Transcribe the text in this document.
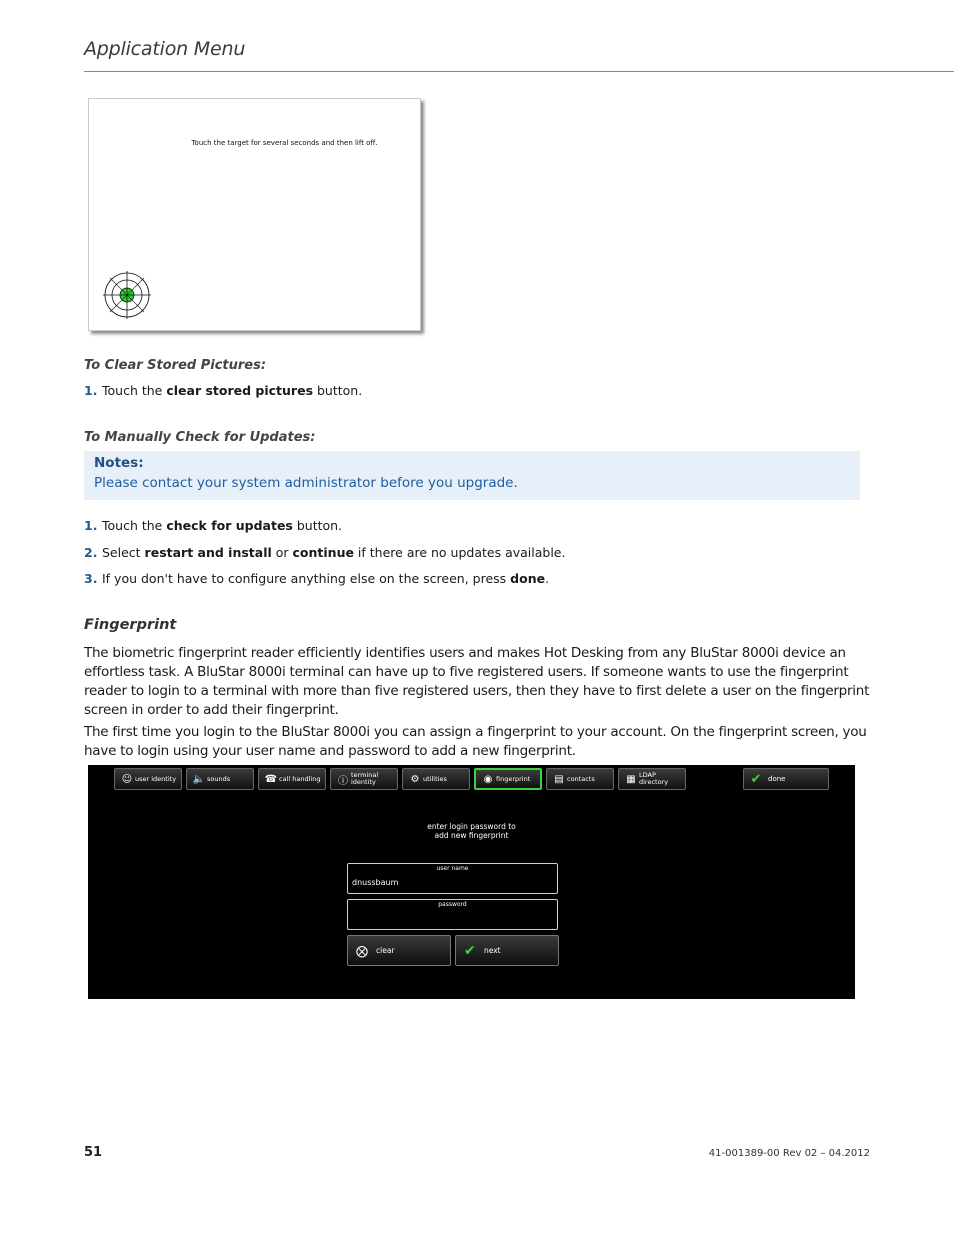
Application Menu
Touch the target for several seconds and then lift off.
To Clear Stored Pictures:
1. Touch the clear stored pictures button.
To Manually Check for Updates:
Notes:
Please contact your system administrator before you upgrade.
1. Touch the check for updates button.
2. Select restart and install or continue if there are no updates available.
3. If you don't have to configure anything else on the screen, press done.
Fingerprint
The biometric fingerprint reader efficiently identifies users and makes Hot Desking from any BluStar 8000i device an effortless task. A BluStar 8000i terminal can have up to five registered users. If someone wants to use the fingerprint reader to login to a terminal with more than five registered users, then they have to first delete a user on the fingerprint screen in order to add their fingerprint.
The first time you login to the BluStar 8000i you can assign a fingerprint to your account. On the fingerprint screen, you have to login using your user name and password to add a new fingerprint.
☺ user identity 🔈 sounds	☎ call handling	ⓘ
terminal
identity	⚙ utilities	◉ fingerprint	▤ contacts	▦ LDAP
directory	✔ done
enter login password to
add new fingerprint
user name
dnussbaum
password
⨂	clear	✔	next
51	41-001389-00 Rev 02 – 04.2012
